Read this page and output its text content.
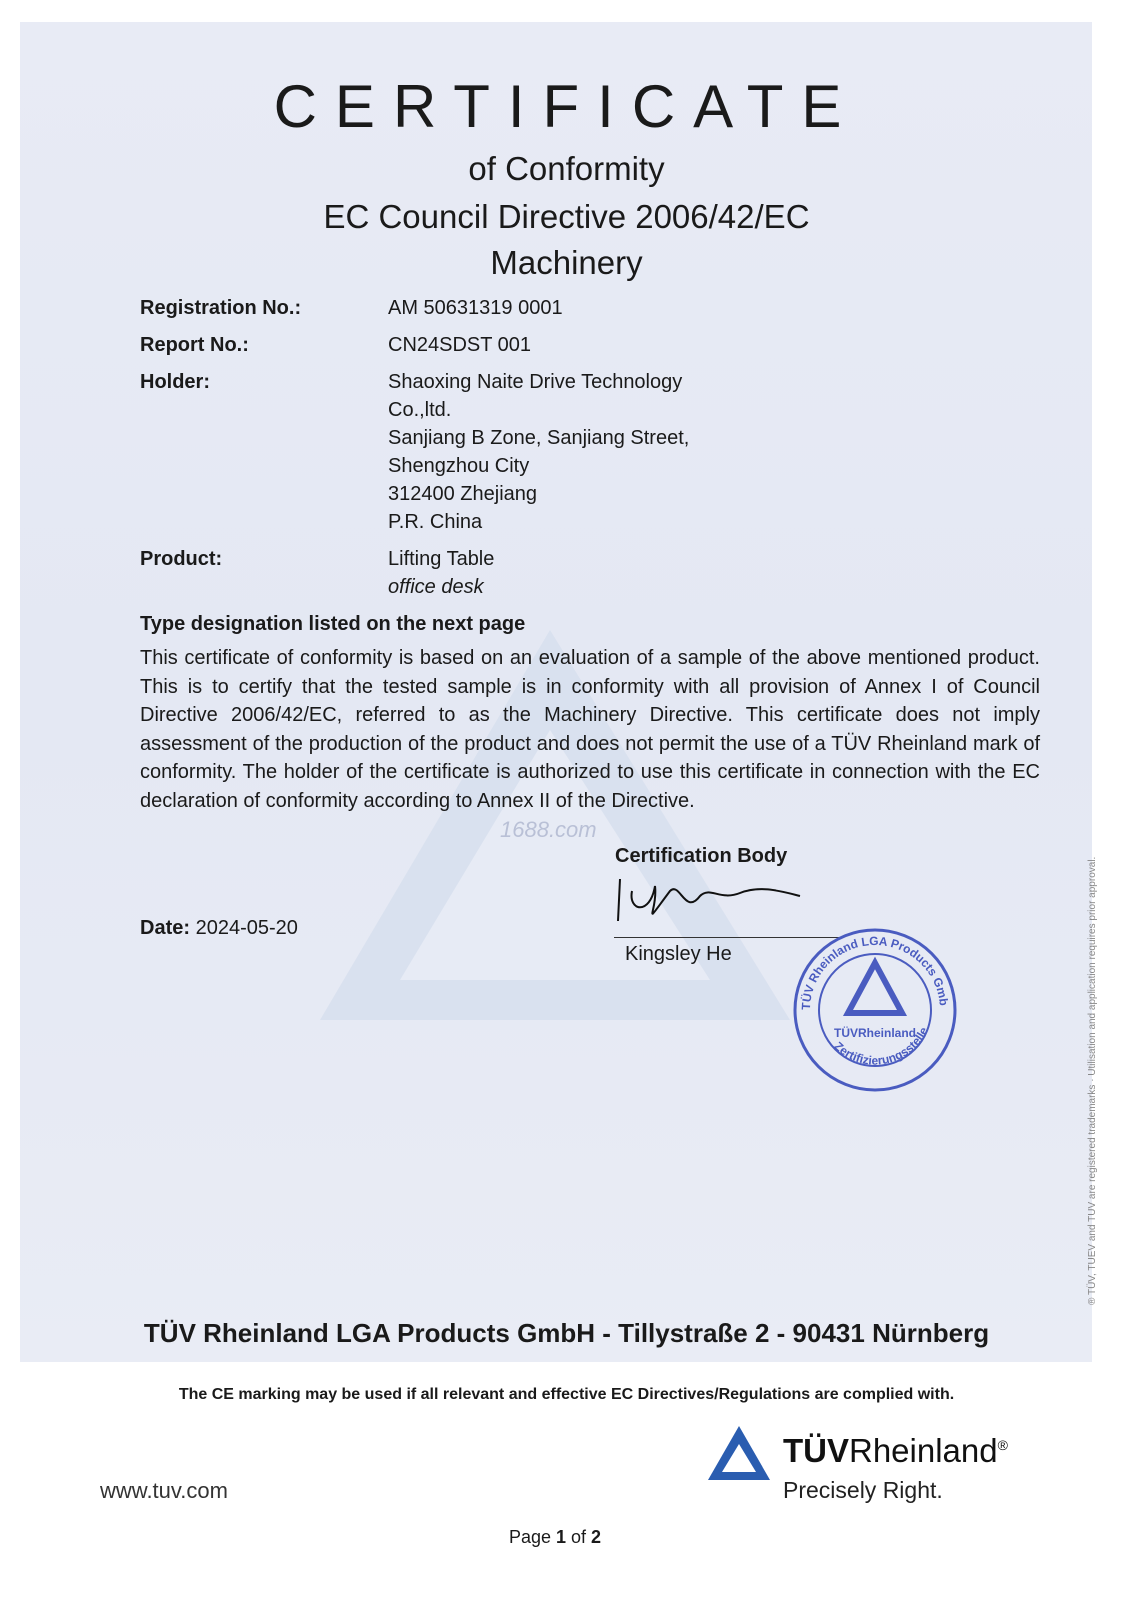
CERTIFICATE
of Conformity
EC Council Directive 2006/42/EC
Machinery
Registration No.:	AM 50631319 0001
Report No.:	CN24SDST 001
Holder:	Shaoxing Naite Drive Technology
Co.,ltd.
Sanjiang B Zone, Sanjiang Street,
Shengzhou City
312400 Zhejiang
P.R. China
Product:	Lifting Table
office desk
Type designation listed on the next page
This certificate of conformity is based on an evaluation of a sample of the above mentioned product. This is to certify that the tested sample is in conformity with all provision of Annex I of Council Directive 2006/42/EC, referred to as the Machinery Directive. This certificate does not imply assessment of the production of the product and does not permit the use of a TÜV Rheinland mark of conformity. The holder of the certificate is authorized to use this certificate in connection with the EC declaration of conformity according to Annex II of the Directive.
1688.com
Certification Body
Kingsley He
Date: 2024-05-20
TÜV Rheinland LGA Products Gmb
Zertifizierungsstelle
TÜVRheinland	® TÜV, TUEV and TUV are registered trademarks · Utilisation and application requires prior approval.
TÜV Rheinland LGA Products GmbH - Tillystraße 2 - 90431 Nürnberg
The CE marking may be used if all relevant and effective EC Directives/Regulations are complied with.
www.tuv.com
TÜVRheinland®
Precisely Right.
Page 1 of 2
